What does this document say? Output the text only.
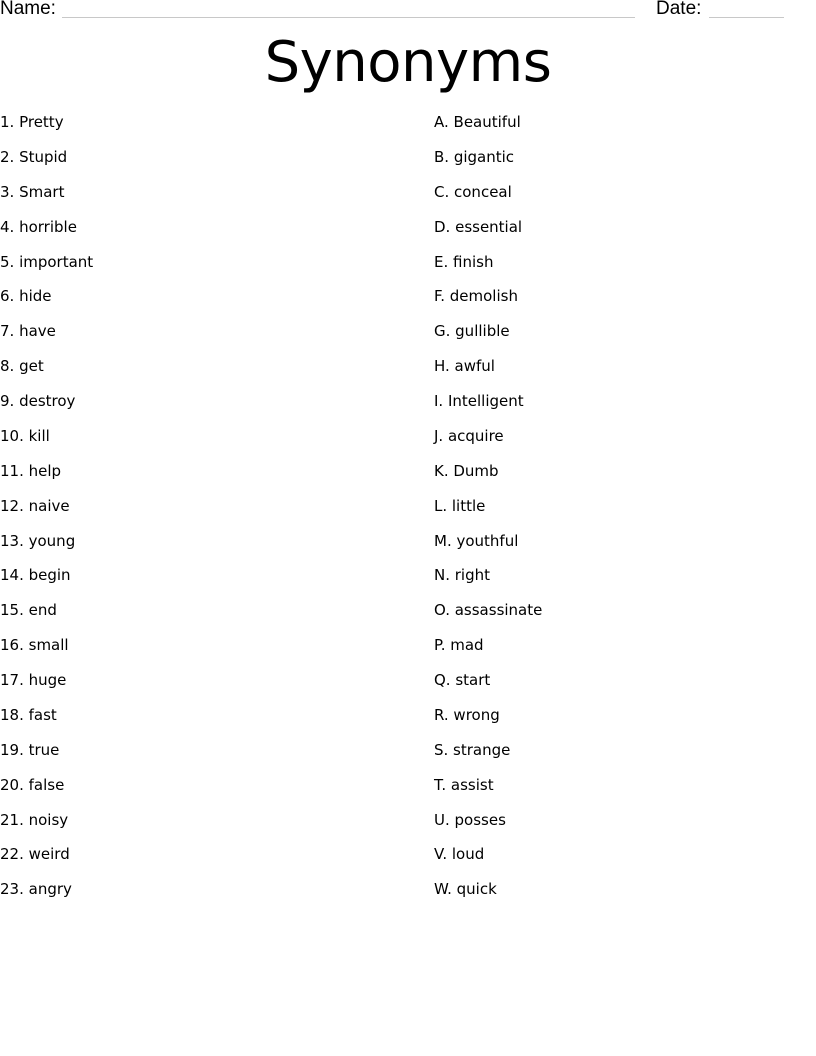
Name:	Date:
Synonyms
1. Pretty
2. Stupid
3. Smart
4. horrible
5. important
6. hide
7. have
8. get
9. destroy
10. kill
11. help
12. naive
13. young
14. begin
15. end
16. small
17. huge
18. fast
19. true
20. false
21. noisy
22. weird
23. angry
A. Beautiful
B. gigantic
C. conceal
D. essential
E. finish
F. demolish
G. gullible
H. awful
I. Intelligent
J. acquire
K. Dumb
L. little
M. youthful
N. right
O. assassinate
P. mad
Q. start
R. wrong
S. strange
T. assist
U. posses
V. loud
W. quick
